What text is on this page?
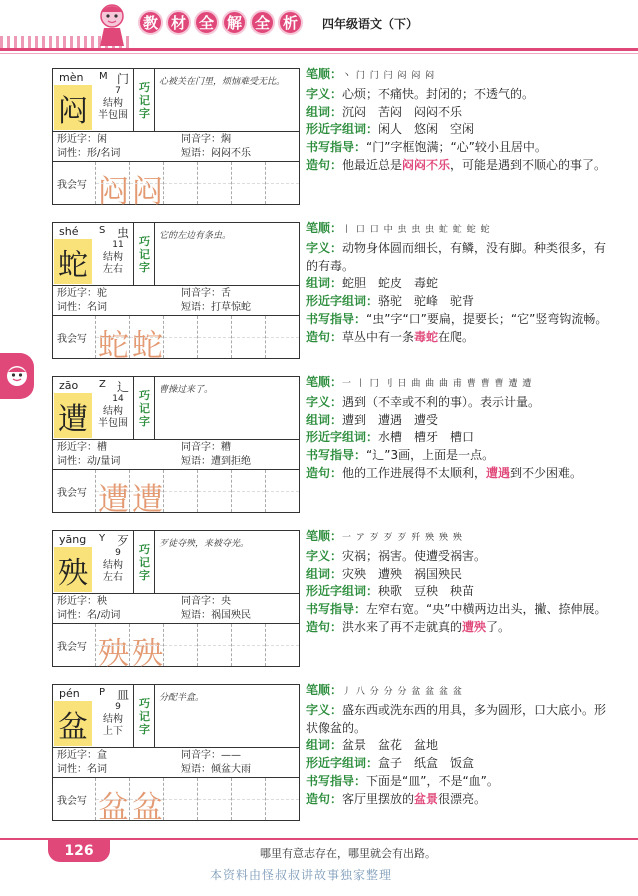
教 材 全 解 全 析	四年级语文（下）
mèn M 门
闷
7
结构
半包围
巧
记
字
心被关在门里，烦恼难受无比。
形近字：闲	同音字：焖
词性：形/名词	短语：闷闷不乐
我会写 闷 闷
笔顺：丶 门 门 闩 闷 闷 闷
字义：心烦；不痛快。封闭的；不透气的。
组词：沉闷　苦闷　闷闷不乐
形近字组词：闲人　悠闲　空闲
书写指导：“门”字框饱满；“心”较小且居中。
造句：他最近总是闷闷不乐，可能是遇到不顺心的事了。
shé S 虫
蛇
11
结构
左右
巧
记
字
它的左边有条虫。
形近字：驼	同音字：舌
词性：名词	短语：打草惊蛇
我会写 蛇 蛇
笔顺：丨 口 口 中 虫 虫 虫 虻 虻 蛇 蛇
字义：动物身体圆而细长，有鳞，没有脚。种类很多，有的有毒。
组词：蛇胆　蛇皮　毒蛇
形近字组词：骆驼　驼峰　驼背
书写指导：“虫”字“口”要扁，提要长；“它”竖弯钩流畅。
造句：草丛中有一条毒蛇在爬。
zāo Z 辶
遭
14
结构
半包围
巧
记
字
曹操过来了。
形近字：槽	同音字：糟
词性：动/量词	短语：遭到拒绝
我会写 遭 遭
笔顺：一 丨 冂 刂 日 曲 曲 曲 甫 曹 曹 曹 遭 遭
字义：遇到（不幸或不利的事）。表示计量。
组词：遭到　遭遇　遭受
形近字组词：水槽　槽牙　槽口
书写指导：“辶”3画，上面是一点。
造句：他的工作进展得不太顺利，遭遇到不少困难。
yāng Y 歹
殃
9
结构
左右
巧
记
字
歹徒夺殃，来被夺光。
形近字：秧	同音字：央
词性：名/动词	短语：祸国殃民
我会写 殃 殃
笔顺：一 ア 歹 歹 歹 歼 殃 殃 殃
字义：灾祸；祸害。使遭受祸害。
组词：灾殃　遭殃　祸国殃民
形近字组词：秧歌　豆秧　秧苗
书写指导：左窄右宽。“央”中横两边出头，撇、捺伸展。
造句：洪水来了再不走就真的遭殃了。
pén P 皿
盆
9
结构
上下
巧
记
字
分配半盒。
形近字：盒	同音字：——
词性：名词	短语：倾盆大雨
我会写 盆 盆
笔顺：丿 八 分 分 分 盆 盆 盆 盆
字义：盛东西或洗东西的用具，多为圆形，口大底小。形状像盆的。
组词：盆景　盆花　盆地
形近字组词：盒子　纸盒　饭盒
书写指导：下面是“皿”，不是“血”。
造句：客厅里摆放的盆景很漂亮。
126	哪里有意志存在，哪里就会有出路。
本资料由怪叔叔讲故事独家整理
